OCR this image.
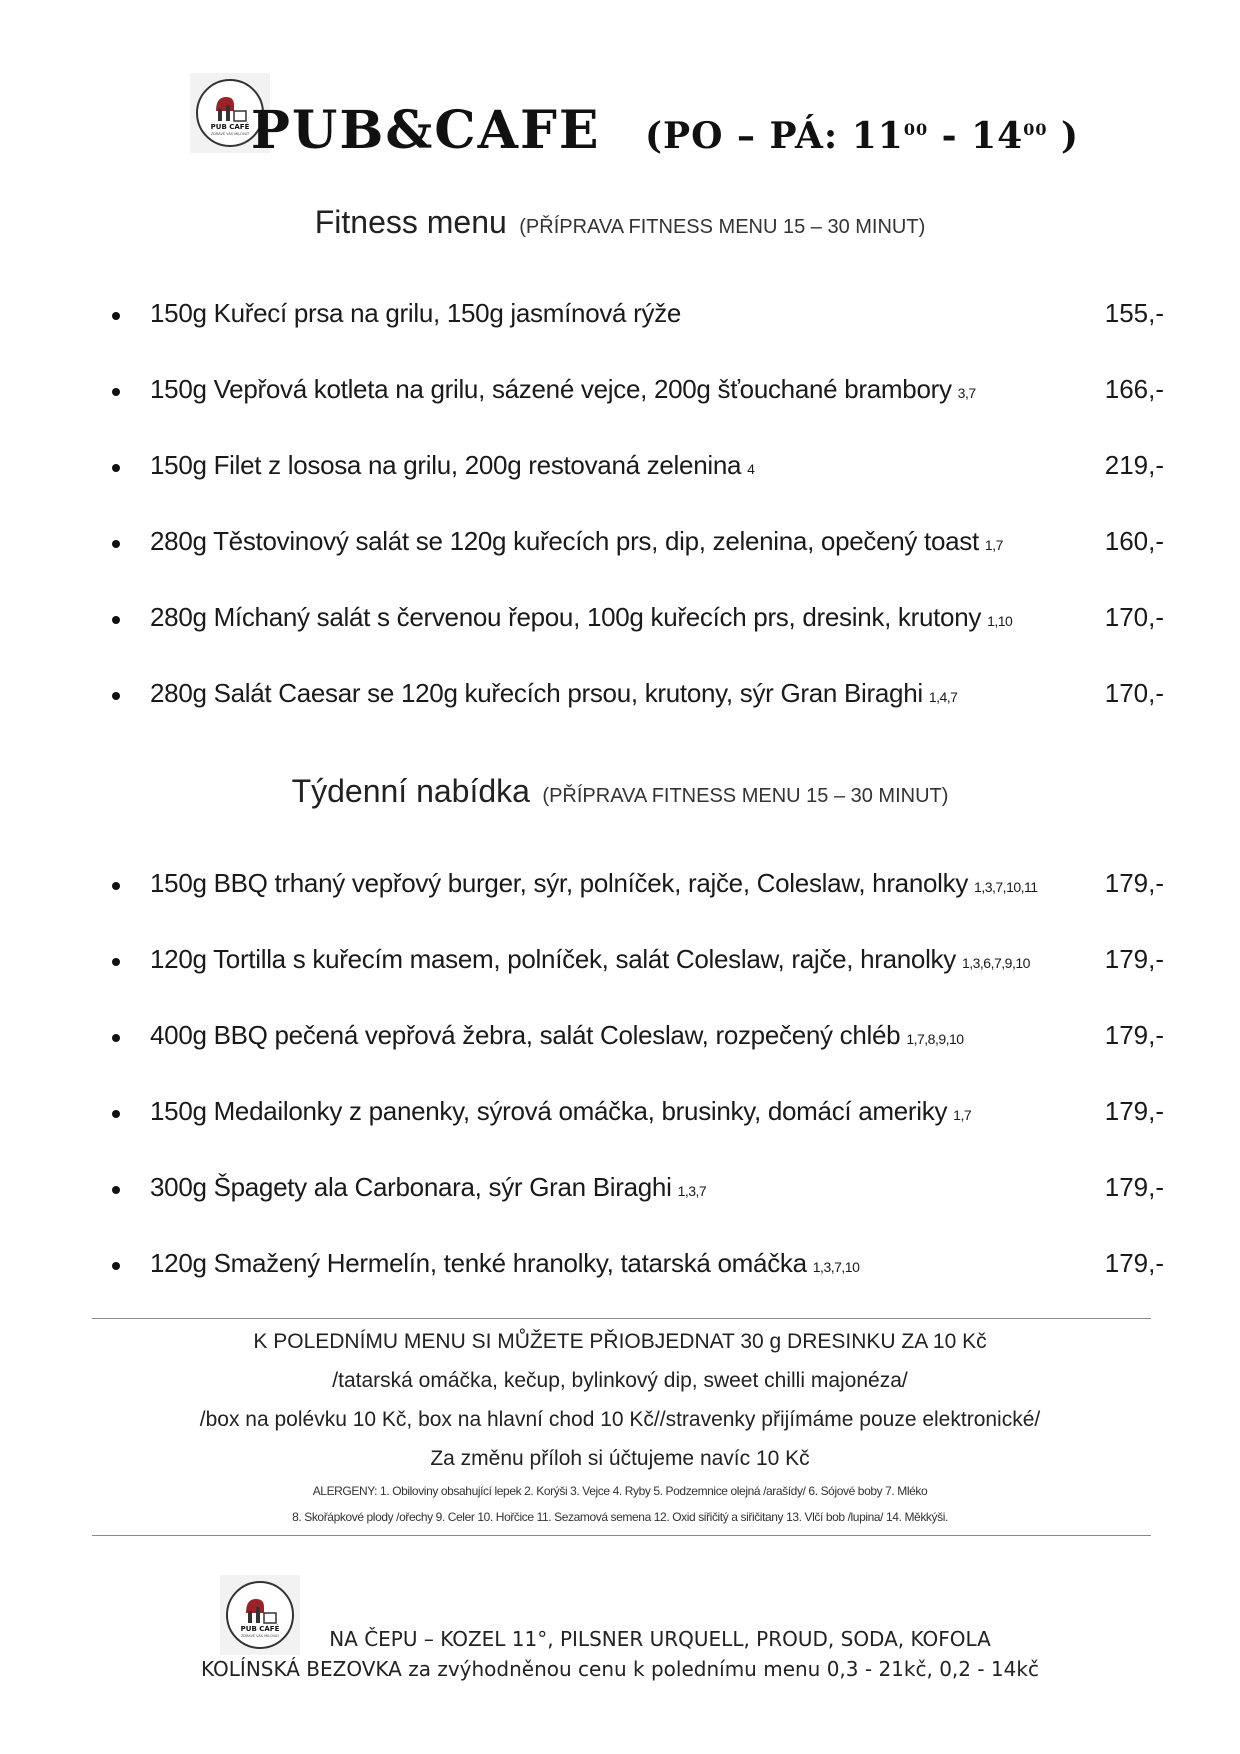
PUB CAFÉ
ZDRAVÉ VÁS MILOVAT PUB&CAFE (PO – PÁ: $11^{00} - 14^{00}$ )
Fitness menu (PŘÍPRAVA FITNESS MENU 15 – 30 MINUT)
150g Kuřecí prsa na grilu, 150g jasmínová rýže	155,-
150g Vepřová kotleta na grilu, sázené vejce, 200g šťouchané brambory 3,7	166,-
150g Filet z lososa na grilu, 200g restovaná zelenina 4	219,-
280g Těstovinový salát se 120g kuřecích prs, dip, zelenina, opečený toast 1,7	160,-
280g Míchaný salát s červenou řepou, 100g kuřecích prs, dresink, krutony 1,10	170,-
280g Salát Caesar se 120g kuřecích prsou, krutony, sýr Gran Biraghi 1,4,7	170,-
Týdenní nabídka (PŘÍPRAVA FITNESS MENU 15 – 30 MINUT)
150g BBQ trhaný vepřový burger, sýr, polníček, rajče, Coleslaw, hranolky 1,3,7,10,11	179,-
120g Tortilla s kuřecím masem, polníček, salát Coleslaw, rajče, hranolky 1,3,6,7,9,10	179,-
400g BBQ pečená vepřová žebra, salát Coleslaw, rozpečený chléb 1,7,8,9,10	179,-
150g Medailonky z panenky, sýrová omáčka, brusinky, domácí ameriky 1,7	179,-
300g Špagety ala Carbonara, sýr Gran Biraghi 1,3,7	179,-
120g Smažený Hermelín, tenké hranolky, tatarská omáčka 1,3,7,10	179,-
K POLEDNÍMU MENU SI MŮŽETE PŘIOBJEDNAT 30 g DRESINKU ZA 10 Kč
/tatarská omáčka, kečup, bylinkový dip, sweet chilli majonéza/
/box na polévku 10 Kč, box na hlavní chod 10 Kč//stravenky přijímáme pouze elektronické/
Za změnu příloh si účtujeme navíc 10 Kč
ALERGENY: 1. Obiloviny obsahující lepek 2. Korýši 3. Vejce 4. Ryby 5. Podzemnice olejná /arašídy/ 6. Sójové boby 7. Mléko
8. Skořápkové plody /ořechy 9. Celer 10. Hořčice 11. Sezamová semena 12. Oxid siřičitý a siřičitany 13. Vlčí bob /lupina/ 14. Měkkýši.
PUB CAFÉ
ZDRAVÉ VÁS MILOVAT	NA ČEPU – KOZEL 11°, PILSNER URQUELL, PROUD, SODA, KOFOLA
KOLÍNSKÁ BEZOVKA za zvýhodněnou cenu k polednímu menu 0,3 - 21kč, 0,2 - 14kč
